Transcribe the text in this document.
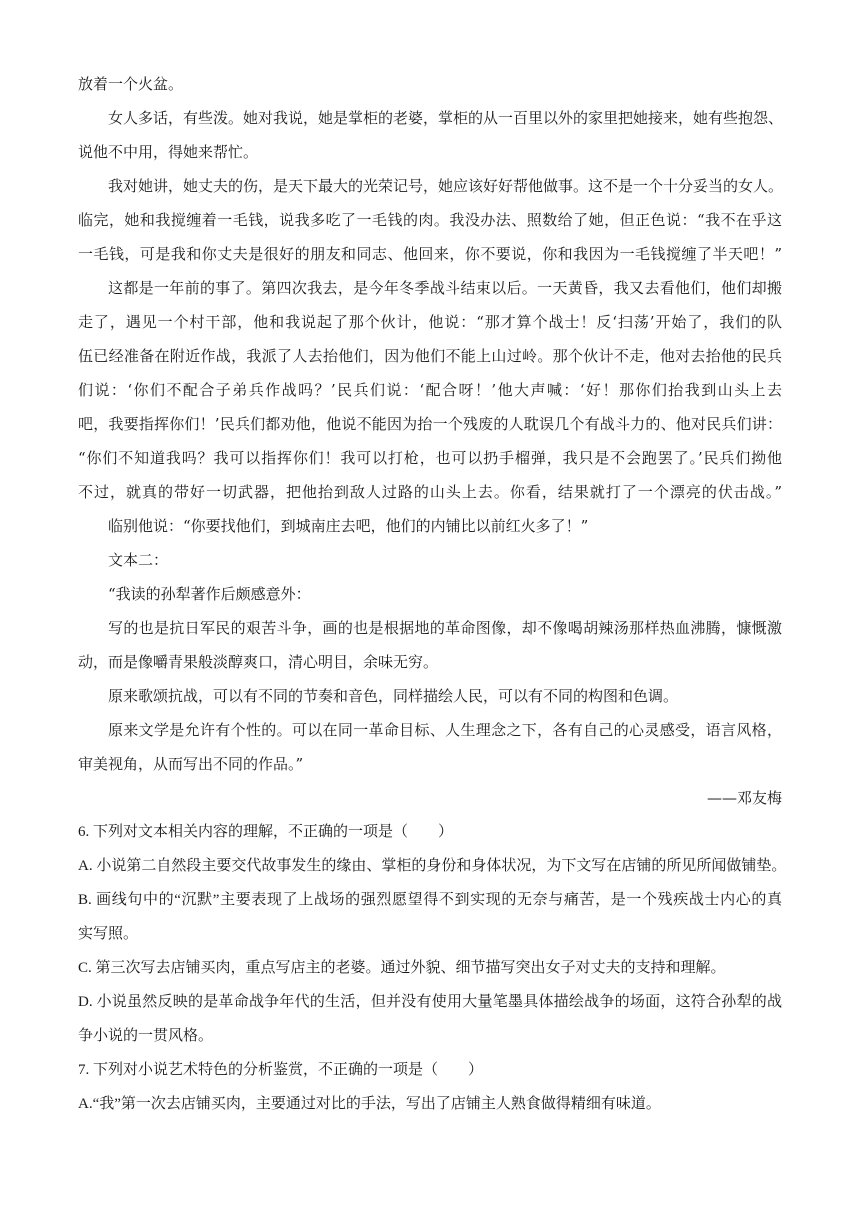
放着一个火盆。
女人多话，有些泼。她对我说，她是掌柜的老婆，掌柜的从一百里以外的家里把她接来，她有些抱怨、
说他不中用，得她来帮忙。
我对她讲，她丈夫的伤，是天下最大的光荣记号，她应该好好帮他做事。这不是一个十分妥当的女人。
临完，她和我搅缠着一毛钱，说我多吃了一毛钱的肉。我没办法、照数给了她，但正色说：“我不在乎这
一毛钱，可是我和你丈夫是很好的朋友和同志、他回来，你不要说，你和我因为一毛钱搅缠了半天吧！”
这都是一年前的事了。第四次我去，是今年冬季战斗结束以后。一天黄昏，我又去看他们，他们却搬
走了，遇见一个村干部，他和我说起了那个伙计，他说：“那才算个战士！反‘扫荡’开始了，我们的队
伍已经准备在附近作战，我派了人去抬他们，因为他们不能上山过岭。那个伙计不走，他对去抬他的民兵
们说：‘你们不配合子弟兵作战吗？’民兵们说：‘配合呀！’他大声喊：‘好！那你们抬我到山头上去
吧，我要指挥你们！’民兵们都劝他，他说不能因为抬一个残废的人耽误几个有战斗力的、他对民兵们讲：
“你们不知道我吗？我可以指挥你们！我可以打枪，也可以扔手榴弹，我只是不会跑罢了。’民兵们拗他
不过，就真的带好一切武器，把他抬到敌人过路的山头上去。你看，结果就打了一个漂亮的伏击战。”
临别他说：“你要找他们，到城南庄去吧，他们的内铺比以前红火多了！”
文本二：
“我读的孙犁著作后颇感意外：
写的也是抗日军民的艰苦斗争，画的也是根据地的革命图像，却不像喝胡辣汤那样热血沸腾，慷慨激
动，而是像嚼青果般淡醇爽口，清心明目，余味无穷。
原来歌颂抗战，可以有不同的节奏和音色，同样描绘人民，可以有不同的构图和色调。
原来文学是允许有个性的。可以在同一革命目标、人生理念之下，各有自己的心灵感受，语言风格，
审美视角，从而写出不同的作品。”
——邓友梅
6. 下列对文本相关内容的理解，不正确的一项是（　　）
A. 小说第二自然段主要交代故事发生的缘由、掌柜的身份和身体状况，为下文写在店铺的所见所闻做铺垫。
B. 画线句中的“沉默”主要表现了上战场的强烈愿望得不到实现的无奈与痛苦，是一个残疾战士内心的真
实写照。
C. 第三次写去店铺买肉，重点写店主的老婆。通过外貌、细节描写突出女子对丈夫的支持和理解。
D. 小说虽然反映的是革命战争年代的生活，但并没有使用大量笔墨具体描绘战争的场面，这符合孙犁的战
争小说的一贯风格。
7. 下列对小说艺术特色的分析鉴赏，不正确的一项是（　　）
A.“我”第一次去店铺买肉，主要通过对比的手法，写出了店铺主人熟食做得精细有味道。
